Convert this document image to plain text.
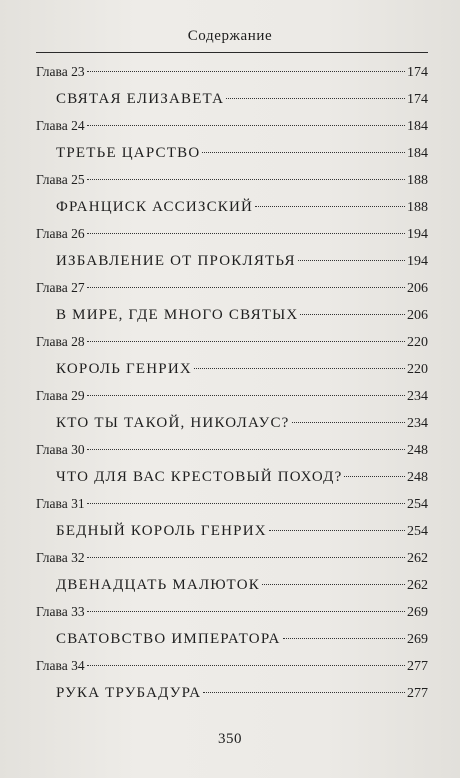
Содержание
Глава 23	174
СВЯТАЯ ЕЛИЗАВЕТА	174
Глава 24	184
ТРЕТЬЕ ЦАРСТВО	184
Глава 25	188
ФРАНЦИСК АССИЗСКИЙ	188
Глава 26	194
ИЗБАВЛЕНИЕ ОТ ПРОКЛЯТЬЯ	194
Глава 27	206
В МИРЕ, ГДЕ МНОГО СВЯТЫХ	206
Глава 28	220
КОРОЛЬ ГЕНРИХ	220
Глава 29	234
КТО ТЫ ТАКОЙ, НИКОЛАУС?	234
Глава 30	248
ЧТО ДЛЯ ВАС КРЕСТОВЫЙ ПОХОД?	248
Глава 31	254
БЕДНЫЙ КОРОЛЬ ГЕНРИХ	254
Глава 32	262
ДВЕНАДЦАТЬ МАЛЮТОК	262
Глава 33	269
СВАТОВСТВО ИМПЕРАТОРА	269
Глава 34	277
РУКА ТРУБАДУРА	277
350
